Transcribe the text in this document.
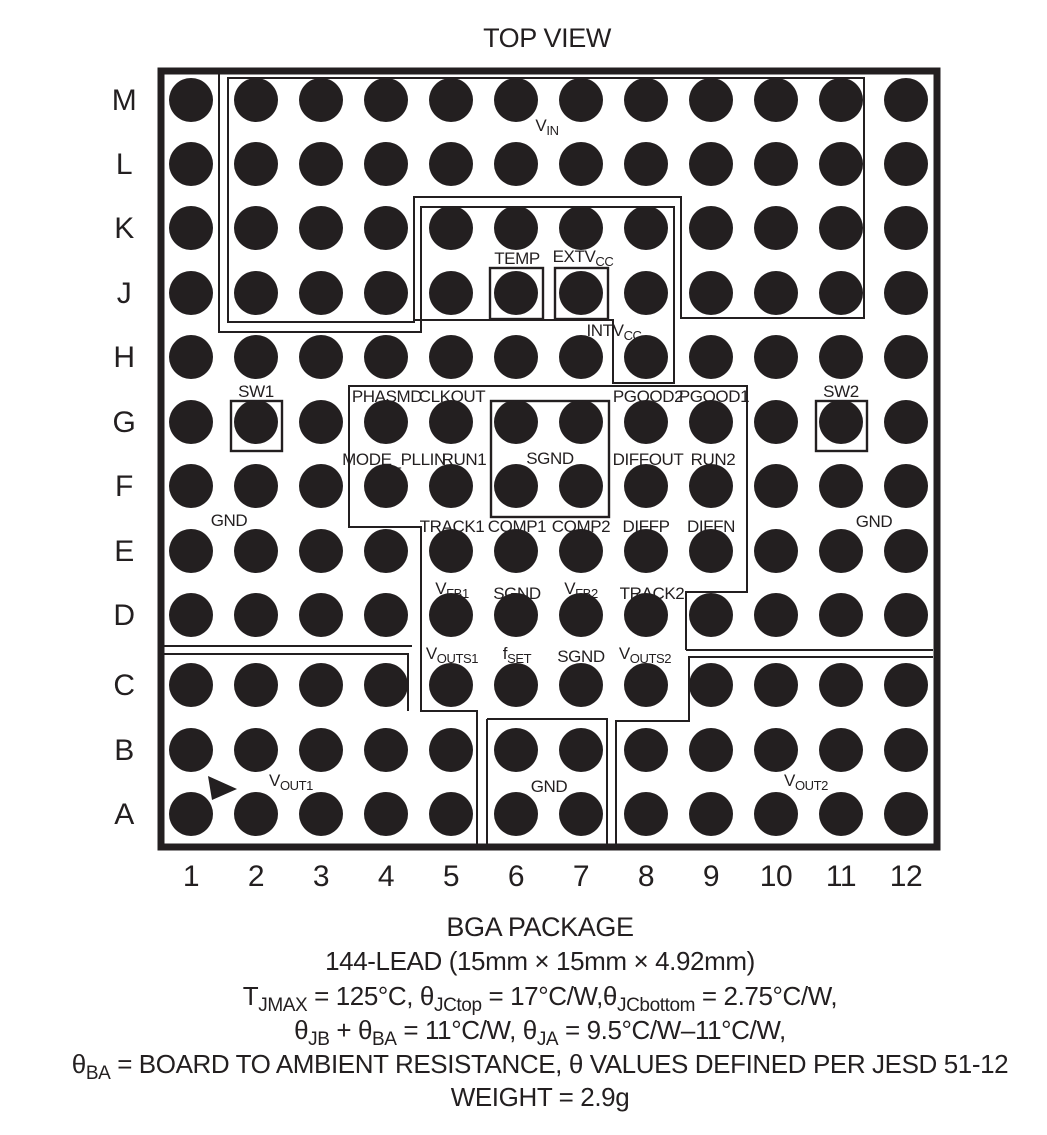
TOP VIEW
M
L
K
J
H
G
F
E
D
C
B
A
1 2 3 4 5 6 7 8 9 10 11 12
$V_{IN}$
TEMP $EXTV_{CC}$
$INTV_{CC}$
SW1	SW2
PHASMD
CLKOUT	PGOOD2
PGOOD1
MODE_PLLIN
RUN1 SGND DIFFOUT RUN2
TRACK1 COMP1 COMP2 DIFFP DIFFN
GND	GND
$V_{FB1}$ SGND $V_{FB2}$ TRACK2
$V_{OUTS1}$ $f_{SET}$ SGND $V_{OUTS2}$
$V_{OUT1}$	GND	$V_{OUT2}$
BGA PACKAGE
144-LEAD (15mm × 15mm × 4.92mm)
$T_{JMAX} = 125^\circ C$, $\theta_{JCtop} = 17^\circ C/W,\theta_{JCbottom} = 2.75^\circ C/W$,
$\theta_{JB} + \theta_{BA} = 11^\circ C/W$, $\theta_{JA} = 9.5^\circ C/W-11^\circ C/W$,
$\theta_{BA}$ = BOARD TO AMBIENT RESISTANCE, θ VALUES DEFINED PER JESD 51-12
WEIGHT = 2.9g
